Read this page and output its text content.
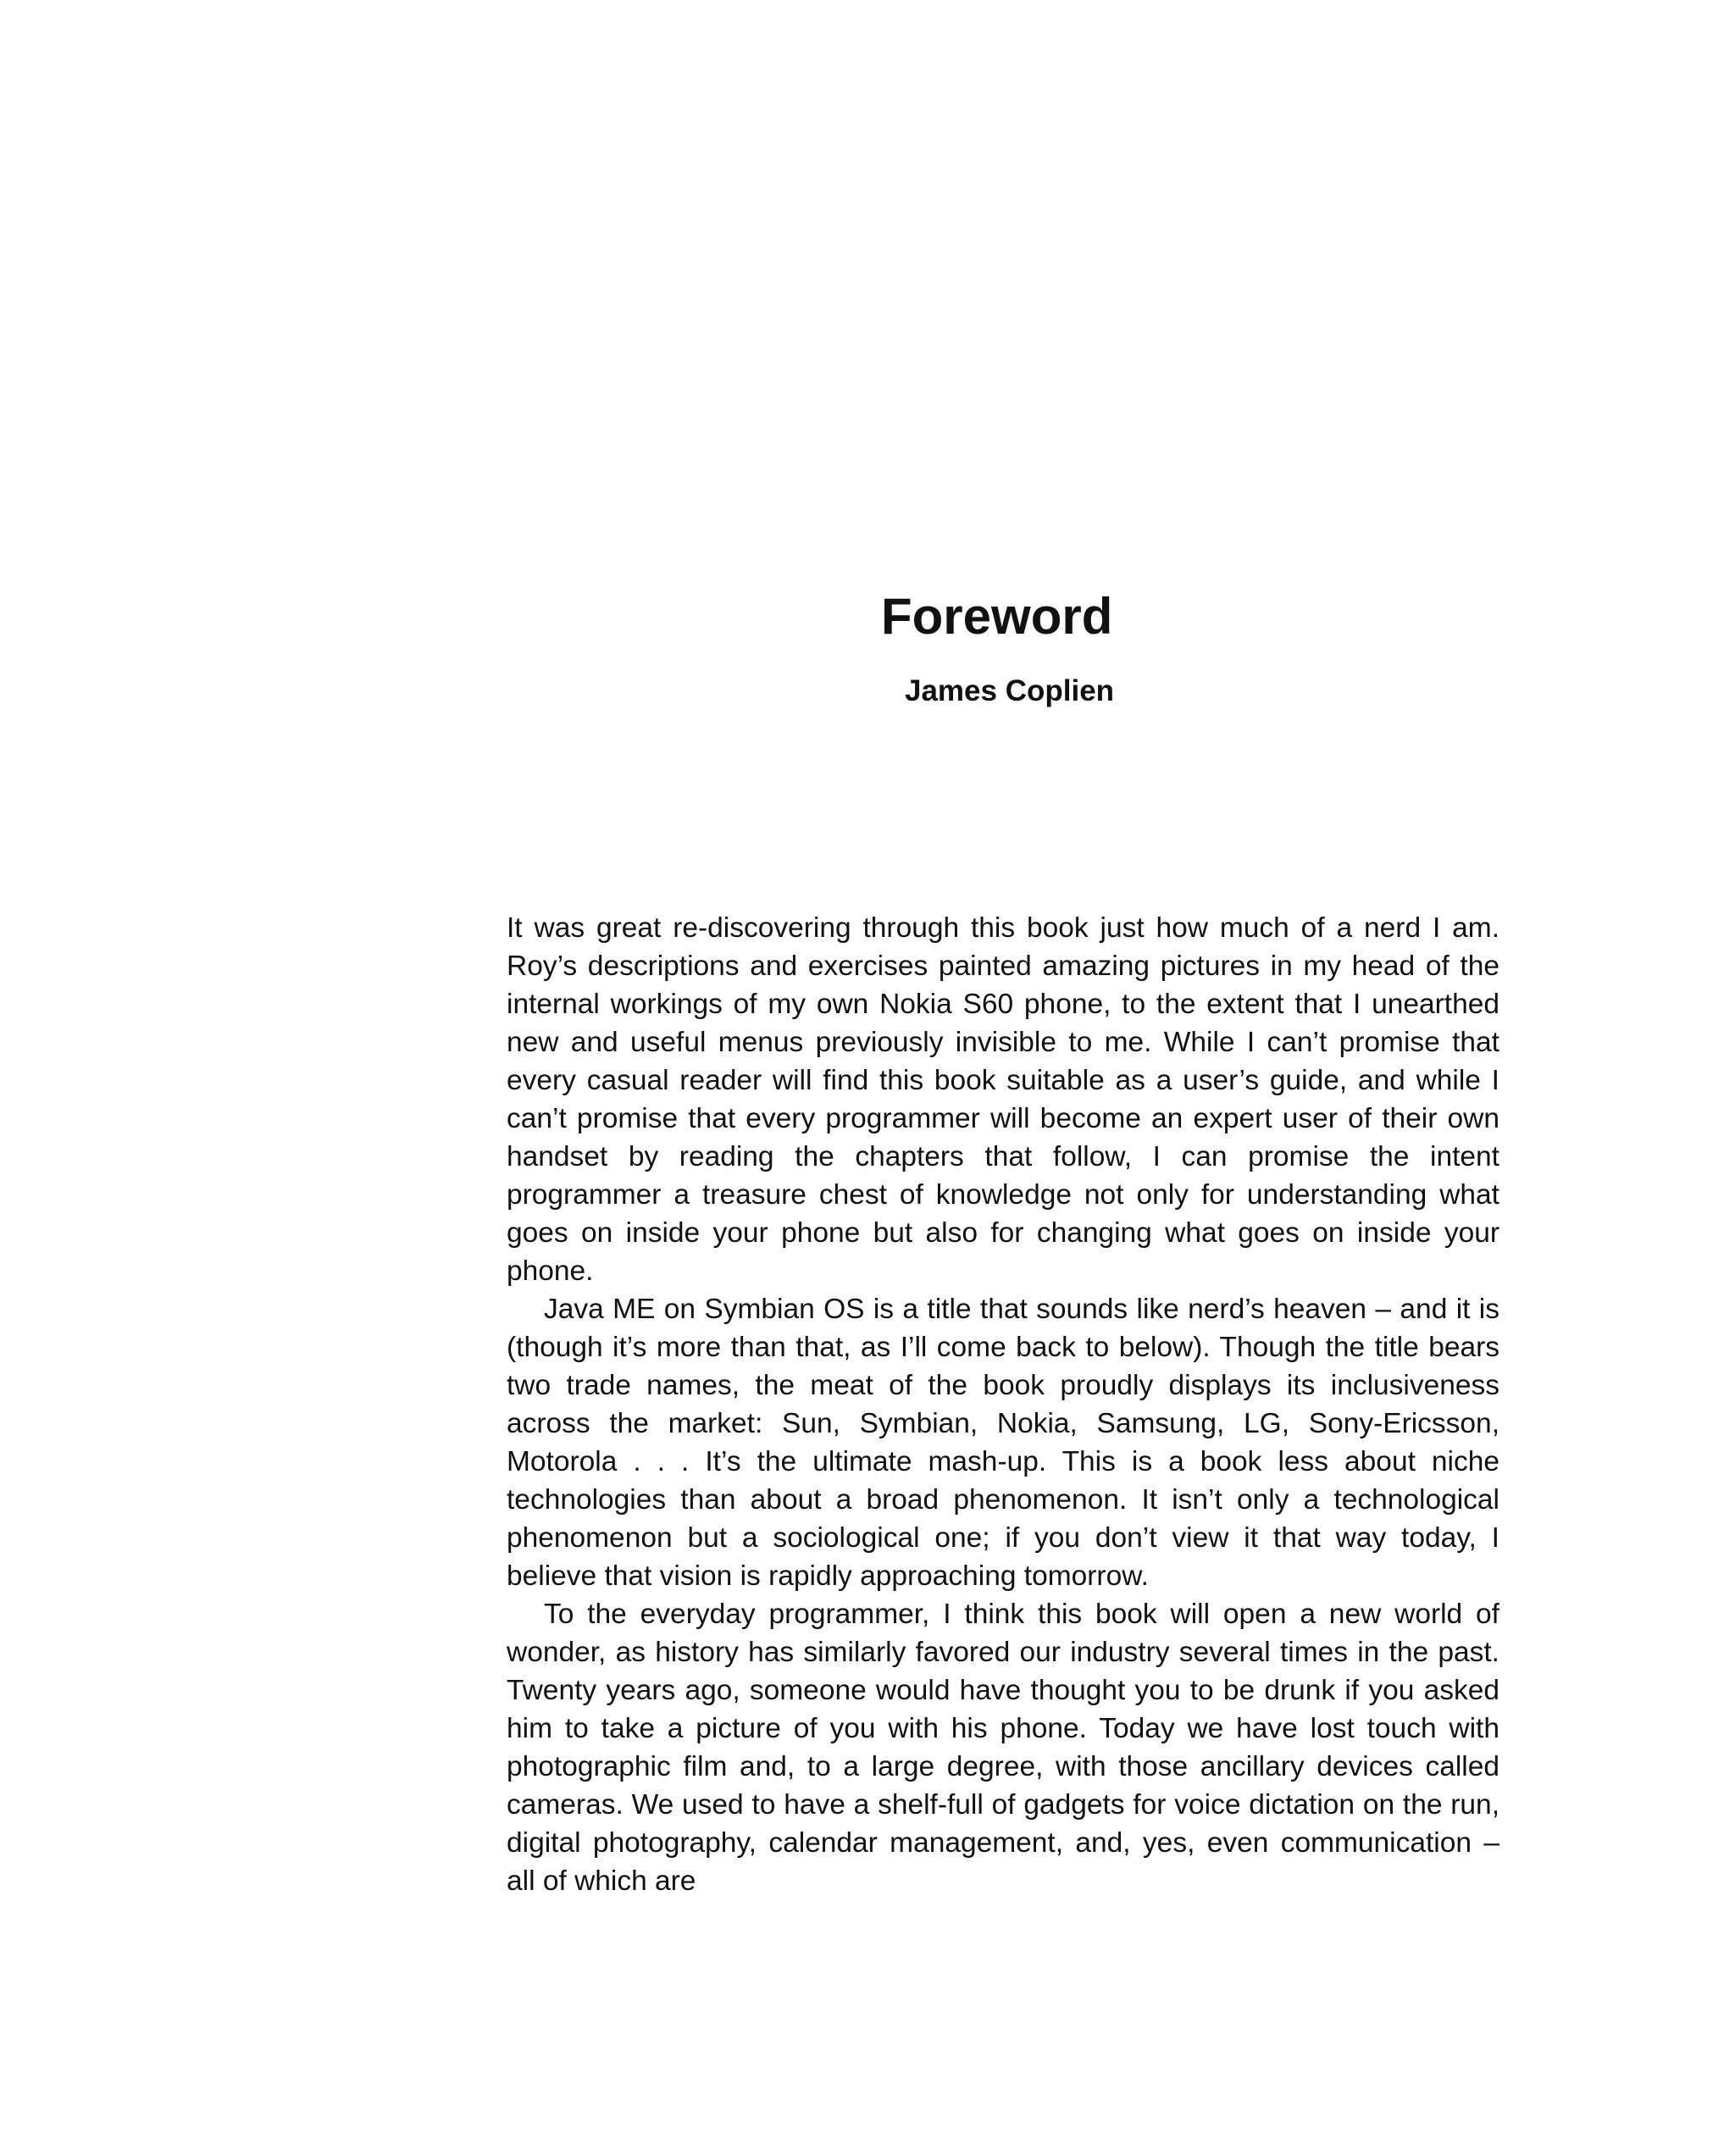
Foreword
James Coplien

It was great re-discovering through this book just how much of a nerd I am. Roy’s descriptions and exercises painted amazing pictures in my head of the internal workings of my own Nokia S60 phone, to the extent that I unearthed new and useful menus previously invisible to me. While I can’t promise that every casual reader will find this book suitable as a user’s guide, and while I can’t promise that every programmer will become an expert user of their own handset by reading the chapters that follow, I can promise the intent programmer a treasure chest of knowledge not only for understanding what goes on inside your phone but also for changing what goes on inside your phone.

Java ME on Symbian OS is a title that sounds like nerd’s heaven – and it is (though it’s more than that, as I’ll come back to below). Though the title bears two trade names, the meat of the book proudly displays its inclusiveness across the market: Sun, Symbian, Nokia, Samsung, LG, Sony-Ericsson, Motorola . . . It’s the ultimate mash-up. This is a book less about niche technologies than about a broad phenomenon. It isn’t only a technological phenomenon but a sociological one; if you don’t view it that way today, I believe that vision is rapidly approaching tomorrow.

To the everyday programmer, I think this book will open a new world of wonder, as history has similarly favored our industry several times in the past. Twenty years ago, someone would have thought you to be drunk if you asked him to take a picture of you with his phone. Today we have lost touch with photographic film and, to a large degree, with those ancillary devices called cameras. We used to have a shelf-full of gadgets for voice dictation on the run, digital photography, calendar management, and, yes, even communication – all of which are
